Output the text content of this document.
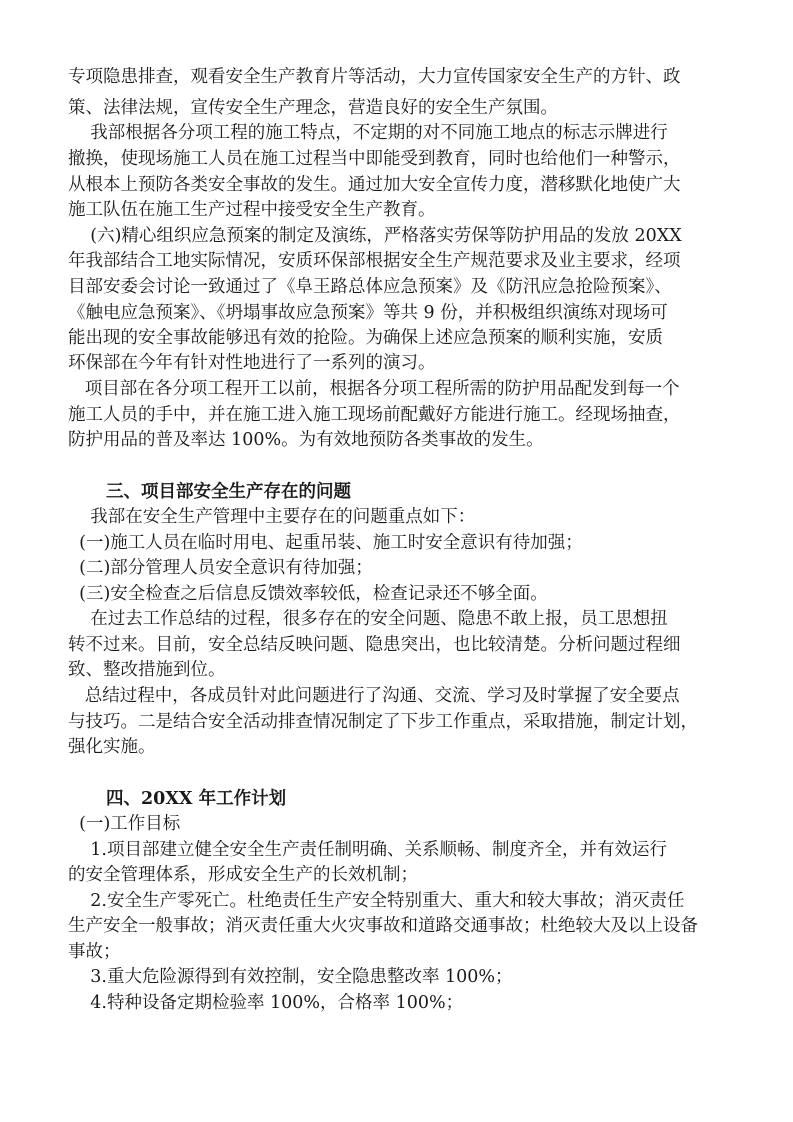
专项隐患排查，观看安全生产教育片等活动，大力宣传国家安全生产的方针、政

策、法律法规，宣传安全生产理念，营造良好的安全生产氛围。

我部根据各分项工程的施工特点，不定期的对不同施工地点的标志示牌进行

撤换，使现场施工人员在施工过程当中即能受到教育，同时也给他们一种警示，

从根本上预防各类安全事故的发生。通过加大安全宣传力度，潜移默化地使广大

施工队伍在施工生产过程中接受安全生产教育。

(六)精心组织应急预案的制定及演练，严格落实劳保等防护用品的发放 20XX

年我部结合工地实际情况，安质环保部根据安全生产规范要求及业主要求，经项

目部安委会讨论一致通过了《阜王路总体应急预案》及《防汛应急抢险预案》、

《触电应急预案》、《坍塌事故应急预案》等共 9 份，并积极组织演练对现场可

能出现的安全事故能够迅有效的抢险。为确保上述应急预案的顺利实施，安质

环保部在今年有针对性地进行了一系列的演习。

项目部在各分项工程开工以前，根据各分项工程所需的防护用品配发到每一个

施工人员的手中，并在施工进入施工现场前配戴好方能进行施工。经现场抽查，

防护用品的普及率达 100%。为有效地预防各类事故的发生。

三、项目部安全生产存在的问题

我部在安全生产管理中主要存在的问题重点如下：

(一)施工人员在临时用电、起重吊装、施工时安全意识有待加强；

(二)部分管理人员安全意识有待加强；

(三)安全检查之后信息反馈效率较低，检查记录还不够全面。

在过去工作总结的过程，很多存在的安全问题、隐患不敢上报，员工思想扭

转不过来。目前，安全总结反映问题、隐患突出，也比较清楚。分析问题过程细

致、整改措施到位。

总结过程中，各成员针对此问题进行了沟通、交流、学习及时掌握了安全要点

与技巧。二是结合安全活动排查情况制定了下步工作重点，采取措施，制定计划，

强化实施。

四、20XX 年工作计划

(一)工作目标

1.项目部建立健全安全生产责任制明确、关系顺畅、制度齐全，并有效运行

的安全管理体系，形成安全生产的长效机制；

2.安全生产零死亡。杜绝责任生产安全特别重大、重大和较大事故；消灭责任

生产安全一般事故；消灭责任重大火灾事故和道路交通事故；杜绝较大及以上设备

事故；

3.重大危险源得到有效控制，安全隐患整改率 100%；

4.特种设备定期检验率 100%，合格率 100%；
